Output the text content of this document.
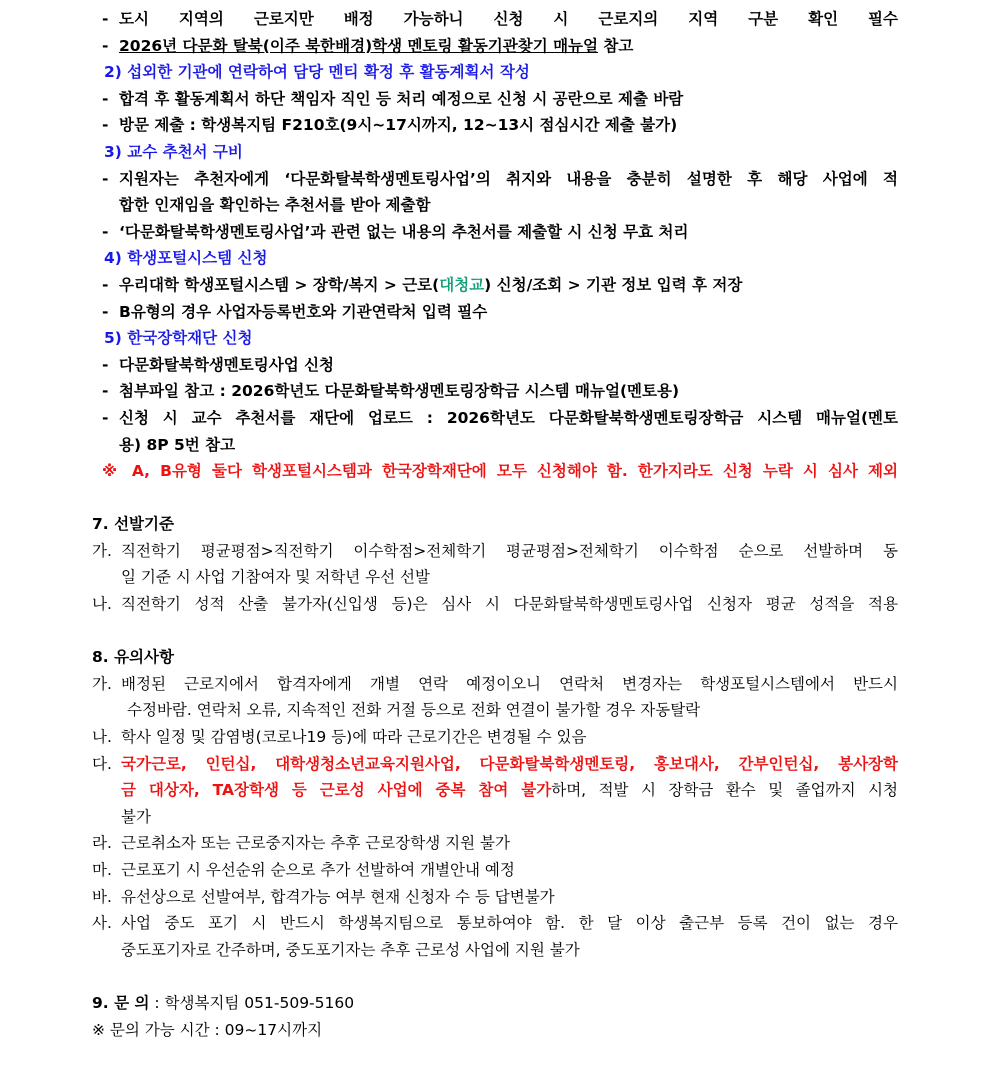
- 도시 지역의 근로지만 배정 가능하니 신청 시 근로지의 지역 구분 확인 필수
- 2026년 다문화 탈북(이주 북한배경)학생 멘토링 활동기관찾기 매뉴얼 참고
2) 섭외한 기관에 연락하여 담당 멘티 확정 후 활동계획서 작성
- 합격 후 활동계획서 하단 책임자 직인 등 처리 예정으로 신청 시 공란으로 제출 바람
- 방문 제출 : 학생복지팀 F210호(9시~17시까지, 12~13시 점심시간 제출 불가)
3) 교수 추천서 구비
- 지원자는 추천자에게 ‘다문화탈북학생멘토링사업’의 취지와 내용을 충분히 설명한 후 해당 사업에 적
합한 인재임을 확인하는 추천서를 받아 제출함
- ‘다문화탈북학생멘토링사업’과 관련 없는 내용의 추천서를 제출할 시 신청 무효 처리
4) 학생포털시스템 신청
- 우리대학 학생포털시스템 > 장학/복지 > 근로(대청교) 신청/조회 > 기관 정보 입력 후 저장
- B유형의 경우 사업자등록번호와 기관연락처 입력 필수
5) 한국장학재단 신청
- 다문화탈북학생멘토링사업 신청
- 첨부파일 참고 : 2026학년도 다문화탈북학생멘토링장학금 시스템 매뉴얼(멘토용)
- 신청 시 교수 추천서를 재단에 업로드 : 2026학년도 다문화탈북학생멘토링장학금 시스템 매뉴얼(멘토
용) 8P 5번 참고
※ A, B유형 둘다 학생포털시스템과 한국장학재단에 모두 신청해야 함. 한가지라도 신청 누락 시 심사 제외
7. 선발기준
가. 직전학기 평균평점>직전학기 이수학점>전체학기 평균평점>전체학기 이수학점 순으로 선발하며 동
일 기준 시 사업 기참여자 및 저학년 우선 선발
나. 직전학기 성적 산출 불가자(신입생 등)은 심사 시 다문화탈북학생멘토링사업 신청자 평균 성적을 적용
8. 유의사항
가. 배정된 근로지에서 합격자에게 개별 연락 예정이오니 연락처 변경자는 학생포털시스템에서 반드시
수정바람. 연락처 오류, 지속적인 전화 거절 등으로 전화 연결이 불가할 경우 자동탈락
나. 학사 일정 및 감염병(코로나19 등)에 따라 근로기간은 변경될 수 있음
다. 국가근로, 인턴십, 대학생청소년교육지원사업, 다문화탈북학생멘토링, 홍보대사, 간부인턴십, 봉사장학
금 대상자, TA장학생 등 근로성 사업에 중복 참여 불가하며, 적발 시 장학금 환수 및 졸업까지 시청
불가
라. 근로취소자 또는 근로중지자는 추후 근로장학생 지원 불가
마. 근로포기 시 우선순위 순으로 추가 선발하여 개별안내 예정
바. 유선상으로 선발여부, 합격가능 여부 현재 신청자 수 등 답변불가
사. 사업 중도 포기 시 반드시 학생복지팀으로 통보하여야 함. 한 달 이상 출근부 등록 건이 없는 경우
중도포기자로 간주하며, 중도포기자는 추후 근로성 사업에 지원 불가
9. 문 의 : 학생복지팀 051-509-5160
※ 문의 가능 시간 : 09~17시까지
